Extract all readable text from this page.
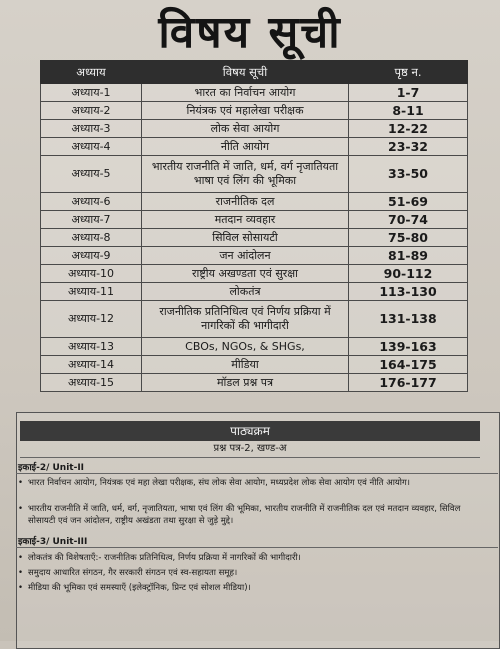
विषय सूची
अध्याय	विषय सूची	पृष्ठ न.
अध्याय-1	भारत का निर्वाचन आयोग	1-7
अध्याय-2	नियंत्रक एवं महालेखा परीक्षक	8-11
अध्याय-3	लोक सेवा आयोग	12-22
अध्याय-4	नीति आयोग	23-32
अध्याय-5	भारतीय राजनीति में जाति, धर्म, वर्ग नृजातियता भाषा एवं लिंग की भूमिका	33-50
अध्याय-6	राजनीतिक दल	51-69
अध्याय-7	मतदान व्यवहार	70-74
अध्याय-8	सिविल सोसायटी	75-80
अध्याय-9	जन आंदोलन	81-89
अध्याय-10	राष्ट्रीय अखण्डता एवं सुरक्षा	90-112
अध्याय-11	लोकतंत्र	113-130
अध्याय-12	राजनीतिक प्रतिनिधित्व एवं निर्णय प्रक्रिया में नागरिकों की भागीदारी	131-138
अध्याय-13	CBOs, NGOs, & SHGs,	139-163
अध्याय-14	मीडिया	164-175
अध्याय-15	मॉडल प्रश्न पत्र	176-177
पाठ्यक्रम
प्रश्न पत्र-2, खण्ड-अ
इकाई-2/ Unit-II
• भारत निर्वाचन आयोग, नियंत्रक एवं महा लेखा परीक्षक, संघ लोक सेवा आयोग, मध्यप्रदेश लोक सेवा आयोग एवं नीति आयोग।
• भारतीय राजनीति में जाति, धर्म, वर्ग, नृजातियता, भाषा एवं लिंग की भूमिका, भारतीय राजनीति में राजनीतिक दल एवं मतदान व्यवहार, सिविल सोसायटी एवं जन आंदोलन, राष्ट्रीय अखंडता तथा सुरक्षा से जुड़े मुद्दे।
इकाई-3/ Unit-III
• लोकतंत्र की विशेषताएँ:- राजनीतिक प्रतिनिधित्व, निर्णय प्रक्रिया में नागरिकों की भागीदारी।
• समुदाय आधारित संगठन, गैर सरकारी संगठन एवं स्व-सहायता समूह।
• मीडिया की भूमिका एवं समस्याएँ (इलेक्ट्रॉनिक, प्रिन्ट एवं सोशल मीडिया)।
